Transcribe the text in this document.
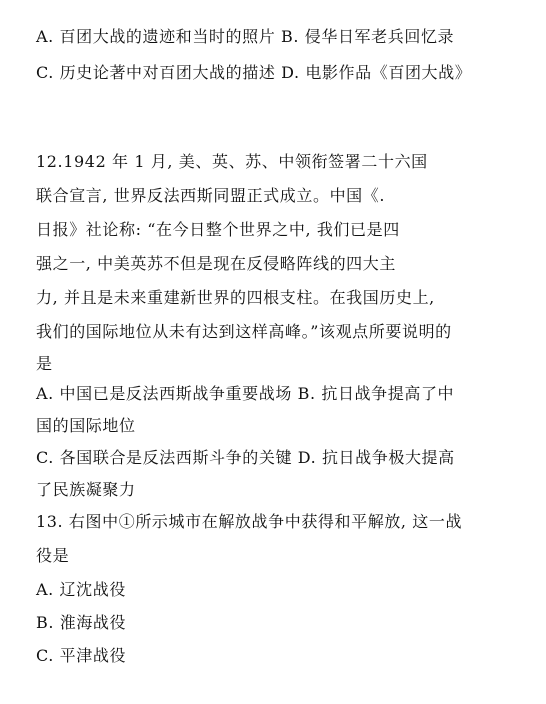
A. 百团大战的遗迹和当时的照片 B. 侵华日军老兵回忆录
C. 历史论著中对百团大战的描述 D. 电影作品《百团大战》
12.1942 年 1 月, 美、英、苏、中领衔签署二十六国
联合宣言, 世界反法西斯同盟正式成立。中国《.
日报》社论称: “在今日整个世界之中, 我们已是四
强之一, 中美英苏不但是现在反侵略阵线的四大主
力, 并且是未来重建新世界的四根支柱。在我国历史上,
我们的国际地位从未有达到这样高峰。”该观点所要说明的
是
A. 中国已是反法西斯战争重要战场 B. 抗日战争提高了中
国的国际地位
C. 各国联合是反法西斯斗争的关键 D. 抗日战争极大提高
了民族凝聚力
13. 右图中①所示城市在解放战争中获得和平解放, 这一战
役是
A. 辽沈战役
B. 淮海战役
C. 平津战役
